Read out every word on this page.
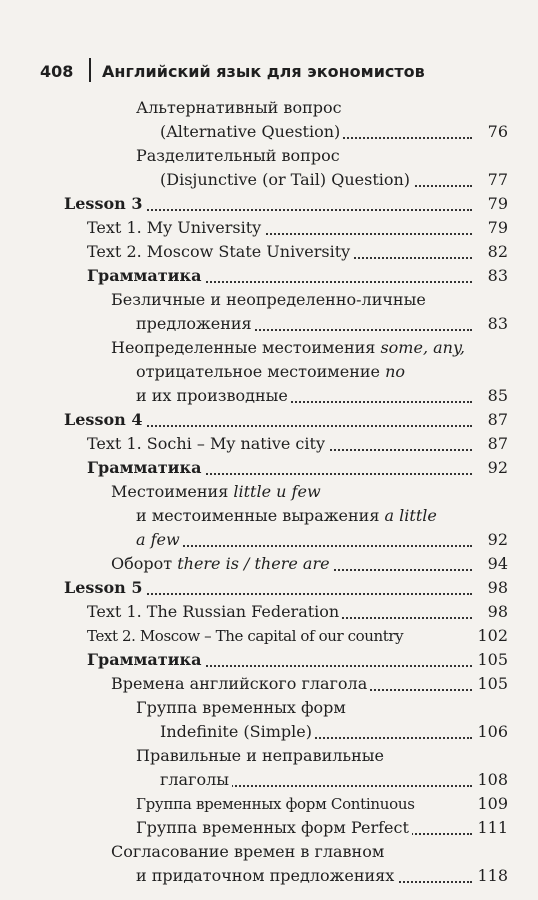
408 Английский язык для экономистов
Альтернативный вопрос
(Alternative Question)	76
Разделительный вопрос
(Disjunctive (or Tail) Question)	77
Lesson 3	79
Text 1. My University	79
Text 2. Moscow State University	82
Грамматика	83
Безличные и неопределенно-личные
предложения	83
Неопределенные местоимения some, any,
отрицательное местоимение no
и их производные	85
Lesson 4	87
Text 1. Sochi – My native city	87
Грамматика	92
Местоимения little и few
и местоименные выражения a little
a few	92
Оборот there is / there are	94
Lesson 5	98
Text 1. The Russian Federation	98
Text 2. Moscow – The capital of our country	102
Грамматика	105
Времена английского глагола	105
Группа временных форм
Indefinite (Simple)	106
Правильные и неправильные
глаголы	108
Группа временных форм Continuous	109
Группа временных форм Perfect	111
Согласование времен в главном
и придаточном предложениях	118
